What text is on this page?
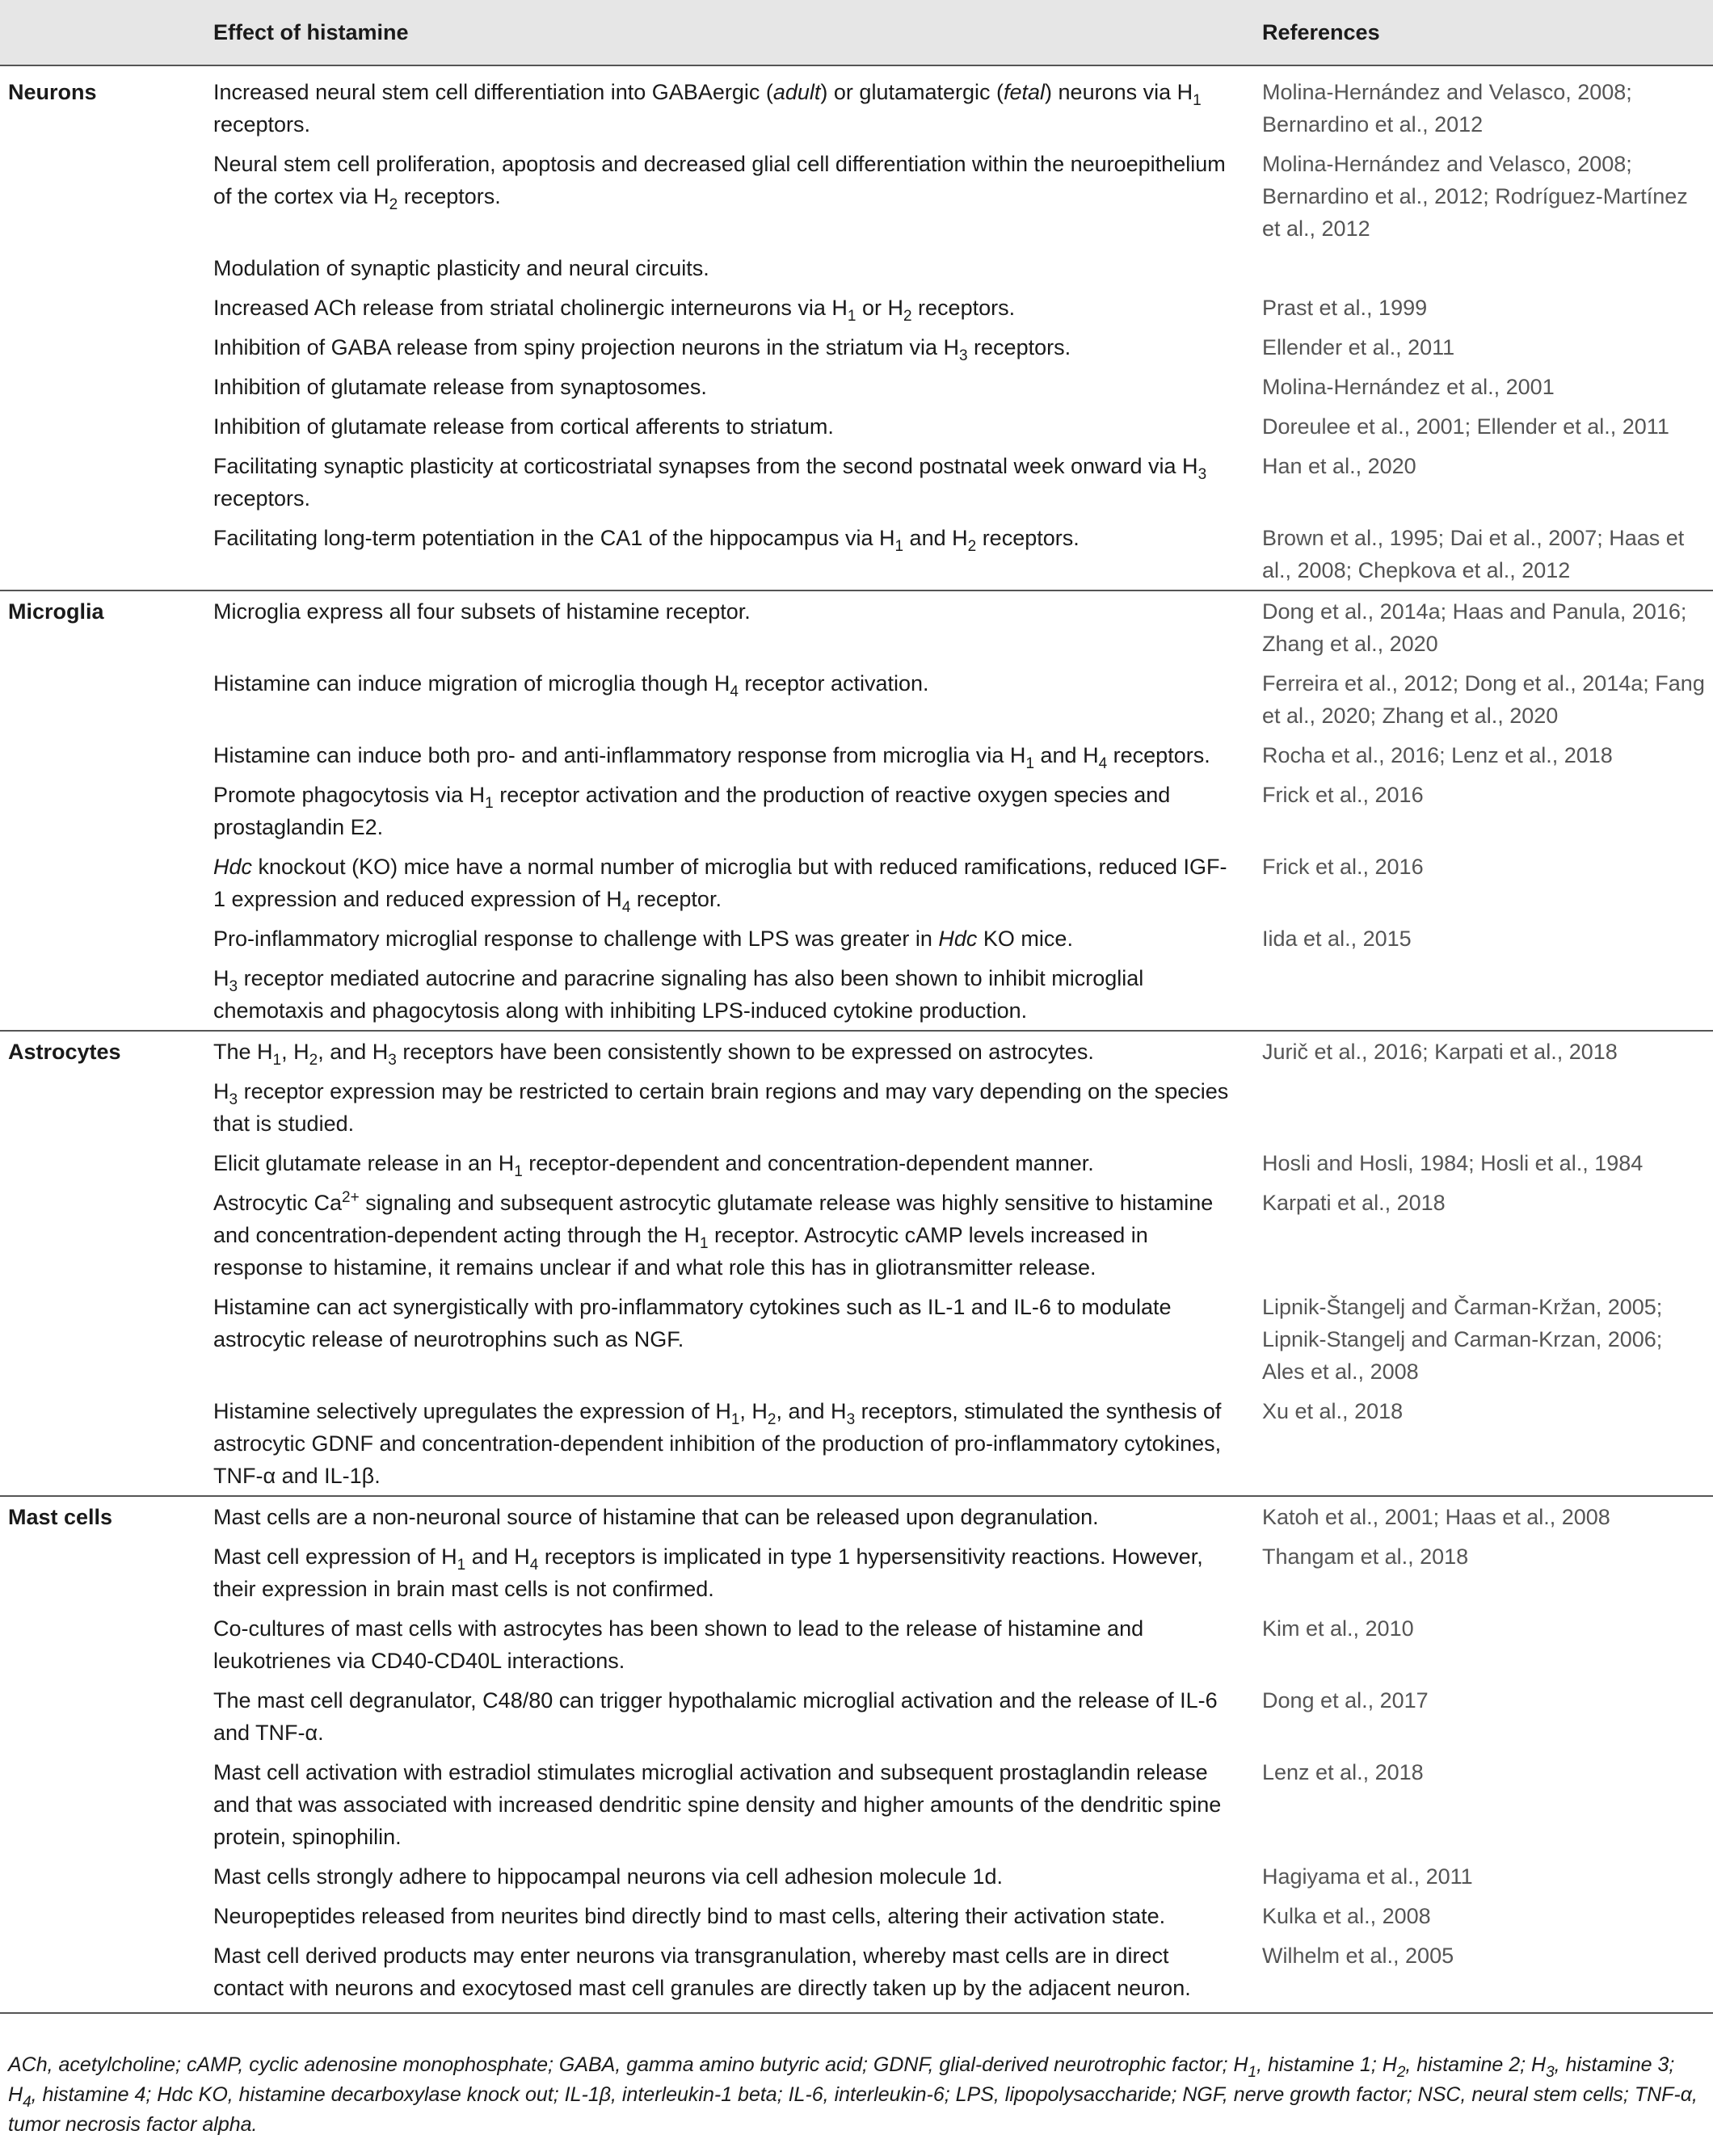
	Effect of histamine	References
Neurons	Increased neural stem cell differentiation into GABAergic (adult) or glutamatergic (fetal) neurons via $H_1$ receptors.	Molina-Hernández and Velasco, 2008; Bernardino et al., 2012
	Neural stem cell proliferation, apoptosis and decreased glial cell differentiation within the neuroepithelium of the cortex via $H_2$ receptors.	Molina-Hernández and Velasco, 2008; Bernardino et al., 2012; Rodríguez-Martínez et al., 2012
	Modulation of synaptic plasticity and neural circuits.	
	Increased ACh release from striatal cholinergic interneurons via $H_1$ or $H_2$ receptors.	Prast et al., 1999
	Inhibition of GABA release from spiny projection neurons in the striatum via $H_3$ receptors.	Ellender et al., 2011
	Inhibition of glutamate release from synaptosomes.	Molina-Hernández et al., 2001
	Inhibition of glutamate release from cortical afferents to striatum.	Doreulee et al., 2001; Ellender et al., 2011
	Facilitating synaptic plasticity at corticostriatal synapses from the second postnatal week onward via $H_3$ receptors.	Han et al., 2020
	Facilitating long-term potentiation in the CA1 of the hippocampus via $H_1$ and $H_2$ receptors.	Brown et al., 1995; Dai et al., 2007; Haas et al., 2008; Chepkova et al., 2012
Microglia	Microglia express all four subsets of histamine receptor.	Dong et al., 2014a; Haas and Panula, 2016; Zhang et al., 2020
	Histamine can induce migration of microglia though $H_4$ receptor activation.	Ferreira et al., 2012; Dong et al., 2014a; Fang et al., 2020; Zhang et al., 2020
	Histamine can induce both pro- and anti-inflammatory response from microglia via $H_1$ and $H_4$ receptors.	Rocha et al., 2016; Lenz et al., 2018
	Promote phagocytosis via $H_1$ receptor activation and the production of reactive oxygen species and prostaglandin E2.	Frick et al., 2016
	Hdc knockout (KO) mice have a normal number of microglia but with reduced ramifications, reduced IGF-1 expression and reduced expression of $H_4$ receptor.	Frick et al., 2016
	Pro-inflammatory microglial response to challenge with LPS was greater in Hdc KO mice.	Iida et al., 2015
	$H_3$ receptor mediated autocrine and paracrine signaling has also been shown to inhibit microglial chemotaxis and phagocytosis along with inhibiting LPS-induced cytokine production.	
Astrocytes	The $H_1$, $H_2$, and $H_3$ receptors have been consistently shown to be expressed on astrocytes.	Jurič et al., 2016; Karpati et al., 2018
	$H_3$ receptor expression may be restricted to certain brain regions and may vary depending on the species that is studied.	
	Elicit glutamate release in an $H_1$ receptor-dependent and concentration-dependent manner.	Hosli and Hosli, 1984; Hosli et al., 1984
	Astrocytic $Ca^{2+}$ signaling and subsequent astrocytic glutamate release was highly sensitive to histamine and concentration-dependent acting through the $H_1$ receptor. Astrocytic cAMP levels increased in response to histamine, it remains unclear if and what role this has in gliotransmitter release.	Karpati et al., 2018
	Histamine can act synergistically with pro-inflammatory cytokines such as IL-1 and IL-6 to modulate astrocytic release of neurotrophins such as NGF.	Lipnik-Štangelj and Čarman-Kržan, 2005; Lipnik-Stangelj and Carman-Krzan, 2006; Ales et al., 2008
	Histamine selectively upregulates the expression of $H_1$, $H_2$, and $H_3$ receptors, stimulated the synthesis of astrocytic GDNF and concentration-dependent inhibition of the production of pro-inflammatory cytokines, TNF-α and IL-1β.	Xu et al., 2018
Mast cells	Mast cells are a non-neuronal source of histamine that can be released upon degranulation.	Katoh et al., 2001; Haas et al., 2008
	Mast cell expression of $H_1$ and $H_4$ receptors is implicated in type 1 hypersensitivity reactions. However, their expression in brain mast cells is not confirmed.	Thangam et al., 2018
	Co-cultures of mast cells with astrocytes has been shown to lead to the release of histamine and leukotrienes via CD40-CD40L interactions.	Kim et al., 2010
	The mast cell degranulator, C48/80 can trigger hypothalamic microglial activation and the release of IL-6 and TNF-α.	Dong et al., 2017
	Mast cell activation with estradiol stimulates microglial activation and subsequent prostaglandin release and that was associated with increased dendritic spine density and higher amounts of the dendritic spine protein, spinophilin.	Lenz et al., 2018
	Mast cells strongly adhere to hippocampal neurons via cell adhesion molecule 1d.	Hagiyama et al., 2011
	Neuropeptides released from neurites bind directly bind to mast cells, altering their activation state.	Kulka et al., 2008
	Mast cell derived products may enter neurons via transgranulation, whereby mast cells are in direct contact with neurons and exocytosed mast cell granules are directly taken up by the adjacent neuron.	Wilhelm et al., 2005
ACh, acetylcholine; cAMP, cyclic adenosine monophosphate; GABA, gamma amino butyric acid; GDNF, glial-derived neurotrophic factor; $H_1$, histamine 1; $H_2$, histamine 2; $H_3$, histamine 3; $H_4$, histamine 4; Hdc KO, histamine decarboxylase knock out; IL-1β, interleukin-1 beta; IL-6, interleukin-6; LPS, lipopolysaccharide; NGF, nerve growth factor; NSC, neural stem cells; TNF-α, tumor necrosis factor alpha.
